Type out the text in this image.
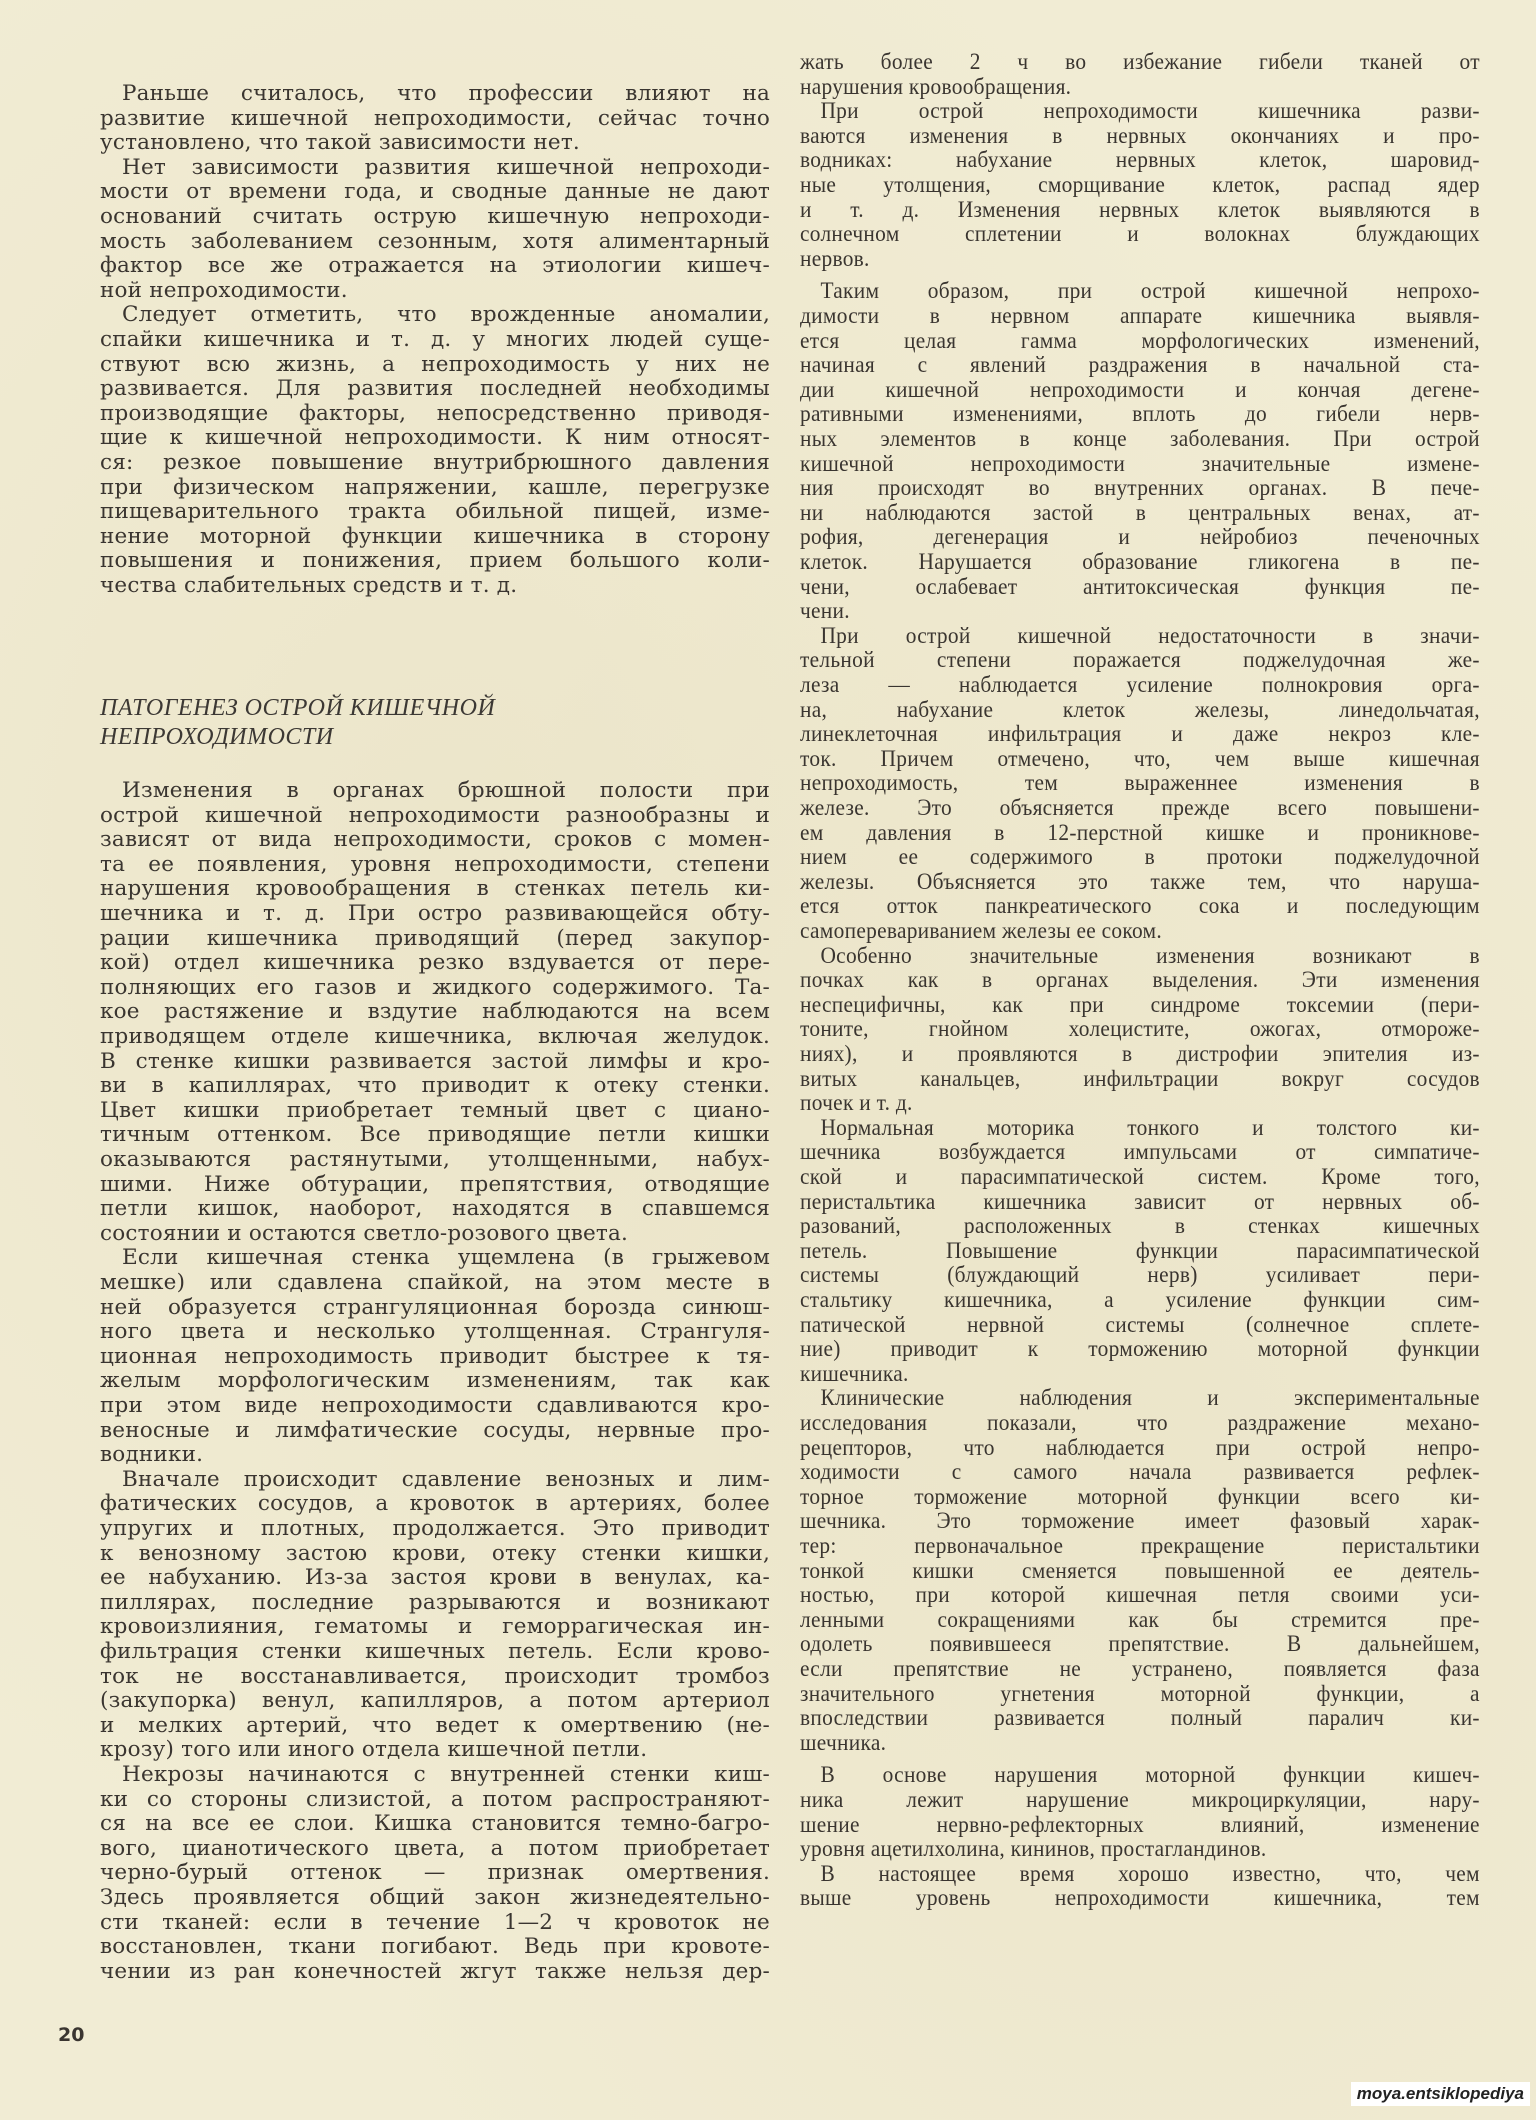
Раньше считалось, что профессии влияют на
развитие кишечной непроходимости, сейчас точно
установлено, что такой зависимости нет.
Нет зависимости развития кишечной непроходи-
мости от времени года, и сводные данные не дают
оснований считать острую кишечную непроходи-
мость заболеванием сезонным, хотя алиментарный
фактор все же отражается на этиологии кишеч-
ной непроходимости.
Следует отметить, что врожденные аномалии,
спайки кишечника и т. д. у многих людей суще-
ствуют всю жизнь, а непроходимость у них не
развивается. Для развития последней необходимы
производящие факторы, непосредственно приводя-
щие к кишечной непроходимости. К ним относят-
ся: резкое повышение внутрибрюшного давления
при физическом напряжении, кашле, перегрузке
пищеварительного тракта обильной пищей, изме-
нение моторной функции кишечника в сторону
повышения и понижения, прием большого коли-
чества слабительных средств и т. д.
ПАТОГЕНЕЗ ОСТРОЙ КИШЕЧНОЙ
НЕПРОХОДИМОСТИ
Изменения в органах брюшной полости при
острой кишечной непроходимости разнообразны и
зависят от вида непроходимости, сроков с момен-
та ее появления, уровня непроходимости, степени
нарушения кровообращения в стенках петель ки-
шечника и т. д. При остро развивающейся обту-
рации кишечника приводящий (перед закупор-
кой) отдел кишечника резко вздувается от пере-
полняющих его газов и жидкого содержимого. Та-
кое растяжение и вздутие наблюдаются на всем
приводящем отделе кишечника, включая желудок.
В стенке кишки развивается застой лимфы и кро-
ви в капиллярах, что приводит к отеку стенки.
Цвет кишки приобретает темный цвет с циано-
тичным оттенком. Все приводящие петли кишки
оказываются растянутыми, утолщенными, набух-
шими. Ниже обтурации, препятствия, отводящие
петли кишок, наоборот, находятся в спавшемся
состоянии и остаются светло-розового цвета.
Если кишечная стенка ущемлена (в грыжевом
мешке) или сдавлена спайкой, на этом месте в
ней образуется странгуляционная борозда синюш-
ного цвета и несколько утолщенная. Странгуля-
ционная непроходимость приводит быстрее к тя-
желым морфологическим изменениям, так как
при этом виде непроходимости сдавливаются кро-
веносные и лимфатические сосуды, нервные про-
водники.
Вначале происходит сдавление венозных и лим-
фатических сосудов, а кровоток в артериях, более
упругих и плотных, продолжается. Это приводит
к венозному застою крови, отеку стенки кишки,
ее набуханию. Из-за застоя крови в венулах, ка-
пиллярах, последние разрываются и возникают
кровоизлияния, гематомы и геморрагическая ин-
фильтрация стенки кишечных петель. Если крово-
ток не восстанавливается, происходит тромбоз
(закупорка) венул, капилляров, а потом артериол
и мелких артерий, что ведет к омертвению (не-
крозу) того или иного отдела кишечной петли.
Некрозы начинаются с внутренней стенки киш-
ки со стороны слизистой, а потом распространяют-
ся на все ее слои. Кишка становится темно-багро-
вого, цианотического цвета, а потом приобретает
черно-бурый оттенок — признак омертвения.
Здесь проявляется общий закон жизнедеятельно-
сти тканей: если в течение 1—2 ч кровоток не
восстановлен, ткани погибают. Ведь при кровоте-
чении из ран конечностей жгут также нельзя дер-
жать более 2 ч во избежание гибели тканей от
нарушения кровообращения.
При острой непроходимости кишечника разви-
ваются изменения в нервных окончаниях и про-
водниках: набухание нервных клеток, шаровид-
ные утолщения, сморщивание клеток, распад ядер
и т. д. Изменения нервных клеток выявляются в
солнечном сплетении и волокнах блуждающих
нервов.
Таким образом, при острой кишечной непрохо-
димости в нервном аппарате кишечника выявля-
ется целая гамма морфологических изменений,
начиная с явлений раздражения в начальной ста-
дии кишечной непроходимости и кончая дегене-
ративными изменениями, вплоть до гибели нерв-
ных элементов в конце заболевания. При острой
кишечной непроходимости значительные измене-
ния происходят во внутренних органах. В пече-
ни наблюдаются застой в центральных венах, ат-
рофия, дегенерация и нейробиоз печеночных
клеток. Нарушается образование гликогена в пе-
чени, ослабевает антитоксическая функция пе-
чени.
При острой кишечной недостаточности в значи-
тельной степени поражается поджелудочная же-
леза — наблюдается усиление полнокровия орга-
на, набухание клеток железы, линедольчатая,
линеклеточная инфильтрация и даже некроз кле-
ток. Причем отмечено, что, чем выше кишечная
непроходимость, тем выраженнее изменения в
железе. Это объясняется прежде всего повышени-
ем давления в 12-перстной кишке и проникнове-
нием ее содержимого в протоки поджелудочной
железы. Объясняется это также тем, что наруша-
ется отток панкреатического сока и последующим
самоперевариванием железы ее соком.
Особенно значительные изменения возникают в
почках как в органах выделения. Эти изменения
неспецифичны, как при синдроме токсемии (пери-
тоните, гнойном холецистите, ожогах, отмороже-
ниях), и проявляются в дистрофии эпителия из-
витых канальцев, инфильтрации вокруг сосудов
почек и т. д.
Нормальная моторика тонкого и толстого ки-
шечника возбуждается импульсами от симпатиче-
ской и парасимпатической систем. Кроме того,
перистальтика кишечника зависит от нервных об-
разований, расположенных в стенках кишечных
петель. Повышение функции парасимпатической
системы (блуждающий нерв) усиливает пери-
стальтику кишечника, а усиление функции сим-
патической нервной системы (солнечное сплете-
ние) приводит к торможению моторной функции
кишечника.
Клинические наблюдения и экспериментальные
исследования показали, что раздражение механо-
рецепторов, что наблюдается при острой непро-
ходимости с самого начала развивается рефлек-
торное торможение моторной функции всего ки-
шечника. Это торможение имеет фазовый харак-
тер: первоначальное прекращение перистальтики
тонкой кишки сменяется повышенной ее деятель-
ностью, при которой кишечная петля своими уси-
ленными сокращениями как бы стремится пре-
одолеть появившееся препятствие. В дальнейшем,
если препятствие не устранено, появляется фаза
значительного угнетения моторной функции, а
впоследствии развивается полный паралич ки-
шечника.
В основе нарушения моторной функции кишеч-
ника лежит нарушение микроциркуляции, нару-
шение нервно-рефлекторных влияний, изменение
уровня ацетилхолина, кининов, простагландинов.
В настоящее время хорошо известно, что, чем
выше уровень непроходимости кишечника, тем
20
moya.entsiklopediya
